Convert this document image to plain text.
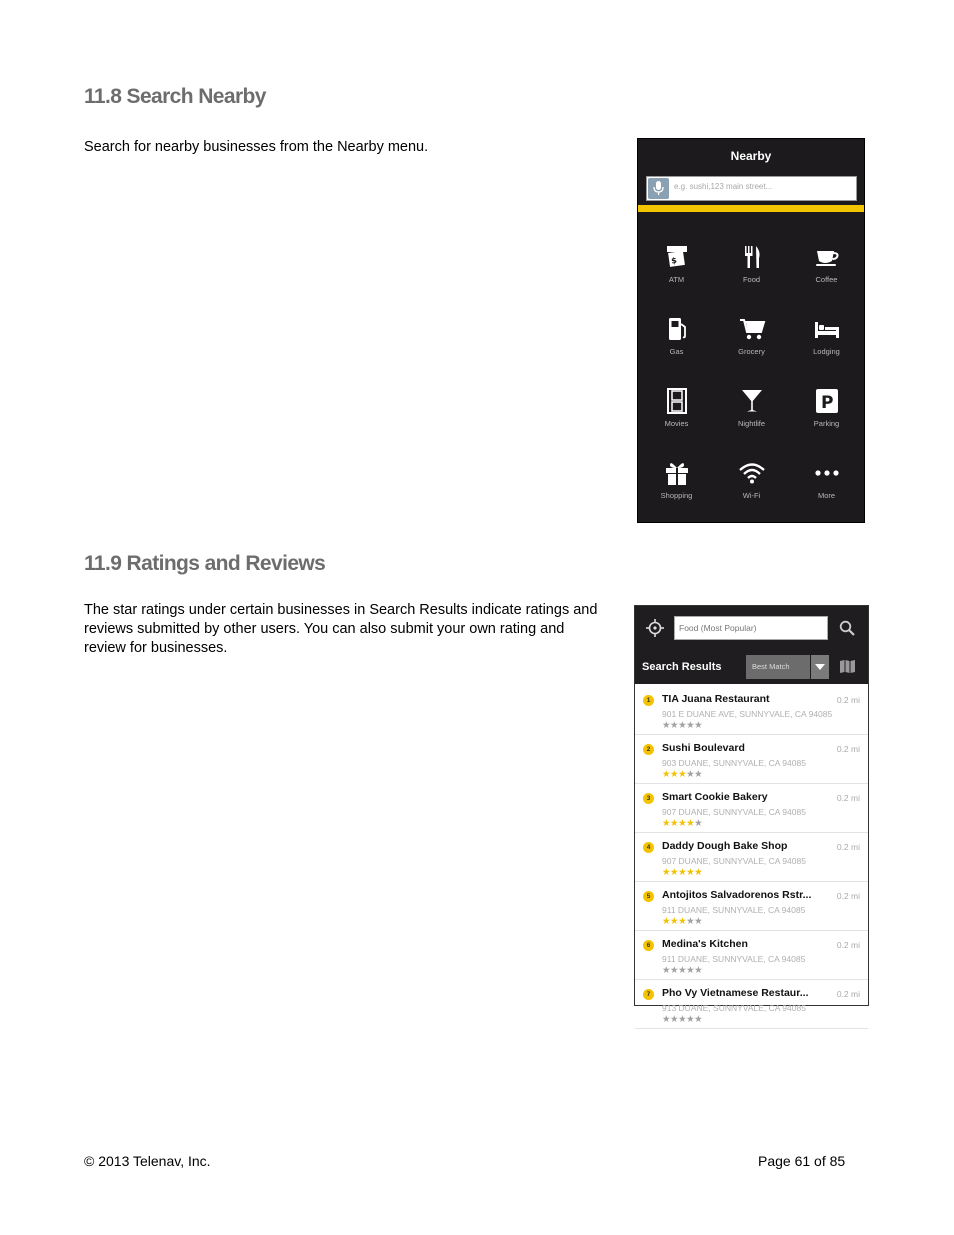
11.8 Search Nearby

Search for nearby businesses from the Nearby menu.

Nearby
e.g. sushi,123 main street...
$
ATM	Food	Coffee
Gas	Grocery	Lodging
Movies	Nightlife
P
Parking
Shopping	Wi-Fi	More
11.9 Ratings and Reviews

The star ratings under certain businesses in Search Results indicate ratings and reviews submitted by other users. You can also submit your own rating and review for businesses.

Food (Most Popular)
Search Results	Best Match
1	TIA Juana Restaurant	0.2 mi
901 E DUANE AVE, SUNNYVALE, CA 94085
★★★★★
2	Sushi Boulevard	0.2 mi
903 DUANE, SUNNYVALE, CA 94085
★★★★★
3	Smart Cookie Bakery	0.2 mi
907 DUANE, SUNNYVALE, CA 94085
★★★★★
4	Daddy Dough Bake Shop	0.2 mi
907 DUANE, SUNNYVALE, CA 94085
★★★★★
5	Antojitos Salvadorenos Rstr...	0.2 mi
911 DUANE, SUNNYVALE, CA 94085
★★★★★
6	Medina's Kitchen	0.2 mi
911 DUANE, SUNNYVALE, CA 94085
★★★★★
7	Pho Vy Vietnamese Restaur...	0.2 mi
913 DUANE, SUNNYVALE, CA 94085
★★★★★
© 2013 Telenav, Inc.	Page 61 of 85
